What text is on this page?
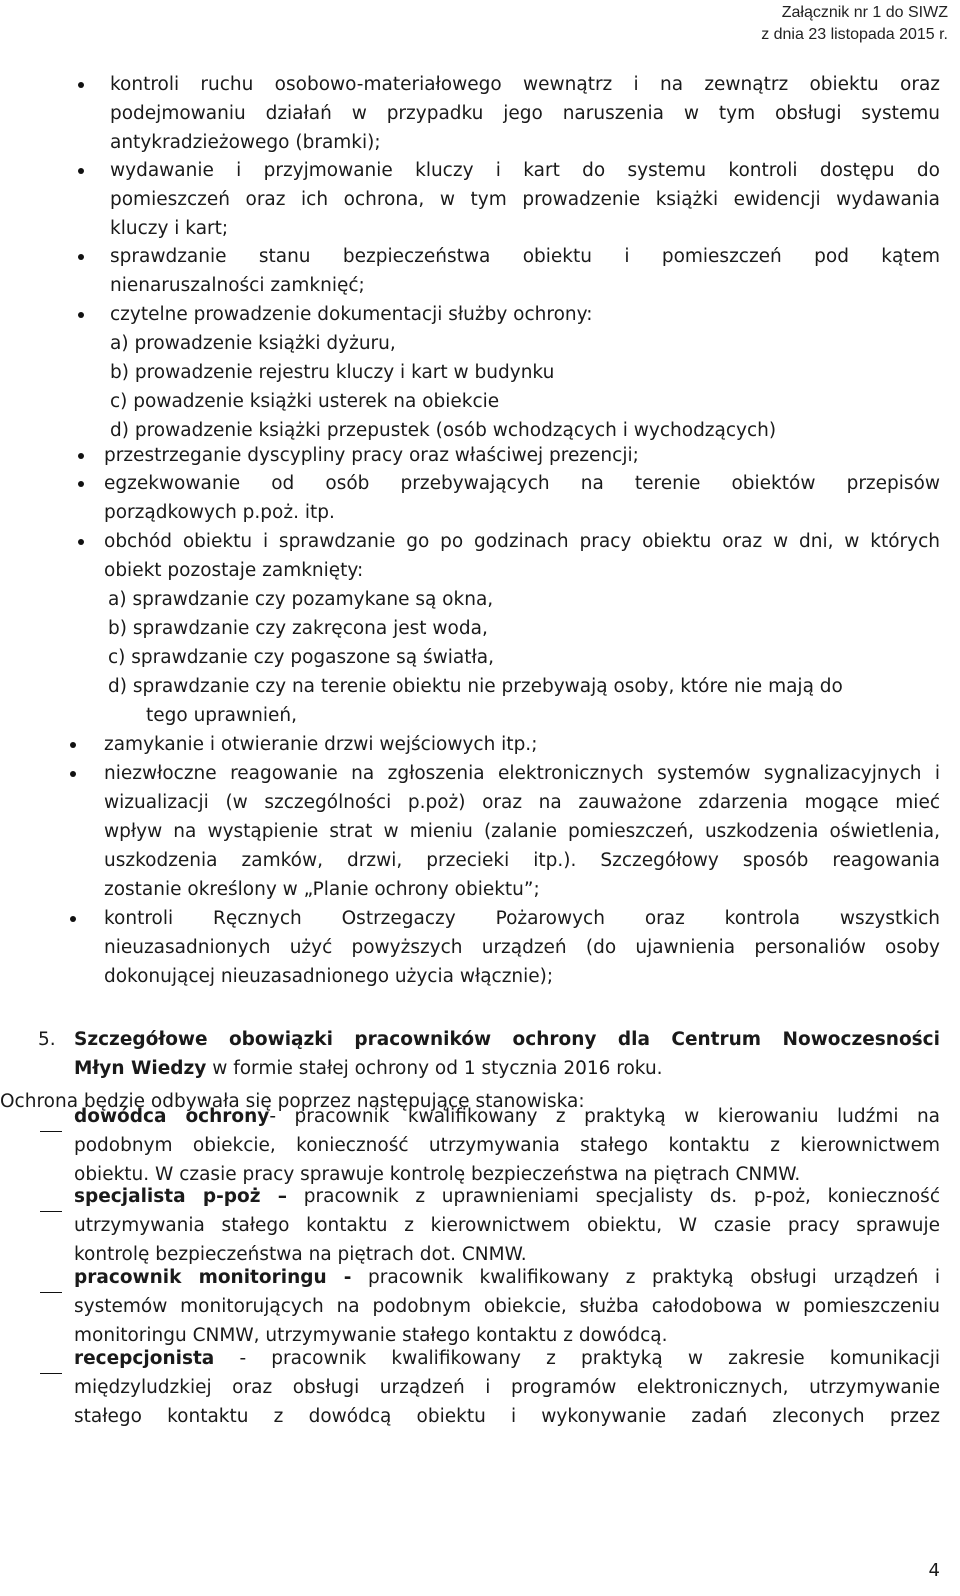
Załącznik nr 1 do SIWZ
z dnia 23 listopada 2015 r.
kontroli ruchu osobowo-materiałowego wewnątrz i na zewnątrz obiektu oraz
podejmowaniu działań w przypadku jego naruszenia w tym obsługi systemu
antykradzieżowego (bramki);
wydawanie i przyjmowanie kluczy i kart do systemu kontroli dostępu do
pomieszczeń oraz ich ochrona, w tym prowadzenie książki ewidencji wydawania
kluczy i kart;
sprawdzanie stanu bezpieczeństwa obiektu i pomieszczeń pod kątem
nienaruszalności zamknięć;
czytelne prowadzenie dokumentacji służby ochrony:
a) prowadzenie książki dyżuru,
b) prowadzenie rejestru kluczy i kart w budynku
c) powadzenie książki usterek na obiekcie
d) prowadzenie książki przepustek (osób wchodzących i wychodzących)
przestrzeganie dyscypliny pracy oraz właściwej prezencji;
egzekwowanie od osób przebywających na terenie obiektów przepisów
porządkowych p.poż. itp.
obchód obiektu i sprawdzanie go po godzinach pracy obiektu oraz w dni, w których
obiekt pozostaje zamknięty:
a) sprawdzanie czy pozamykane są okna,
b) sprawdzanie czy zakręcona jest woda,
c) sprawdzanie czy pogaszone są światła,
d) sprawdzanie czy na terenie obiektu nie przebywają osoby, które nie mają do
tego uprawnień,
zamykanie i otwieranie drzwi wejściowych itp.;
niezwłoczne reagowanie na zgłoszenia elektronicznych systemów sygnalizacyjnych i
wizualizacji (w szczególności p.poż) oraz na zauważone zdarzenia mogące mieć
wpływ na wystąpienie strat w mieniu (zalanie pomieszczeń, uszkodzenia oświetlenia,
uszkodzenia zamków, drzwi, przecieki itp.). Szczegółowy sposób reagowania
zostanie określony w „Planie ochrony obiektu”;
kontroli Ręcznych Ostrzegaczy Pożarowych oraz kontrola wszystkich
nieuzasadnionych użyć powyższych urządzeń (do ujawnienia personaliów osoby
dokonującej nieuzasadnionego użycia włącznie);
5. Szczegółowe obowiązki pracowników ochrony dla Centrum Nowoczesności
Młyn Wiedzy w formie stałej ochrony od 1 stycznia 2016 roku.
Ochrona będzie odbywała się poprzez następujące stanowiska:
dowódca ochrony- pracownik kwalifikowany z praktyką w kierowaniu ludźmi na
podobnym obiekcie, konieczność utrzymywania stałego kontaktu z kierownictwem
obiektu. W czasie pracy sprawuje kontrolę bezpieczeństwa na piętrach CNMW.
specjalista p-poż – pracownik z uprawnieniami specjalisty ds. p-poż, konieczność
utrzymywania stałego kontaktu z kierownictwem obiektu, W czasie pracy sprawuje
kontrolę bezpieczeństwa na piętrach dot. CNMW.
pracownik monitoringu - pracownik kwalifikowany z praktyką obsługi urządzeń i
systemów monitorujących na podobnym obiekcie, służba całodobowa w pomieszczeniu
monitoringu CNMW, utrzymywanie stałego kontaktu z dowódcą.
recepcjonista - pracownik kwalifikowany z praktyką w zakresie komunikacji
międzyludzkiej oraz obsługi urządzeń i programów elektronicznych, utrzymywanie
stałego kontaktu z dowódcą obiektu i wykonywanie zadań zleconych przez
4
